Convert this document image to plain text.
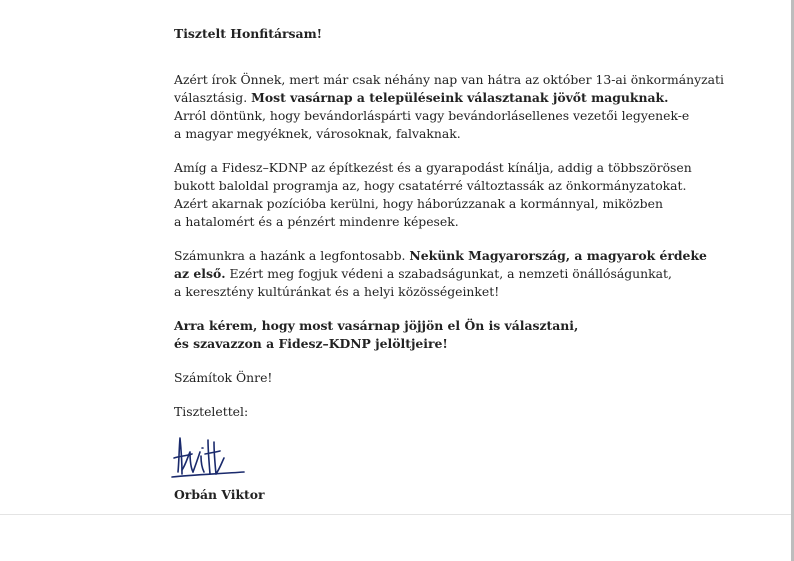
Tisztelt Honfitársam!

Azért írok Önnek, mert már csak néhány nap van hátra az október 13-ai önkormányzati
választásig. Most vasárnap a településeink választanak jövőt maguknak.
Arról döntünk, hogy bevándorláspárti vagy bevándorlásellenes vezetői legyenek-e
a magyar megyéknek, városoknak, falvaknak.

Amíg a Fidesz–KDNP az építkezést és a gyarapodást kínálja, addig a többszörösen
bukott baloldal programja az, hogy csatatérré változtassák az önkormányzatokat.
Azért akarnak pozícióba kerülni, hogy háborúzzanak a kormánnyal, miközben
a hatalomért és a pénzért mindenre képesek.

Számunkra a hazánk a legfontosabb. Nekünk Magyarország, a magyarok érdeke
az első. Ezért meg fogjuk védeni a szabadságunkat, a nemzeti önállóságunkat,
a keresztény kultúránkat és a helyi közösségeinket!

Arra kérem, hogy most vasárnap jöjjön el Ön is választani,
és szavazzon a Fidesz–KDNP jelöltjeire!

Számítok Önre!

Tisztelettel:

Orbán Viktor
